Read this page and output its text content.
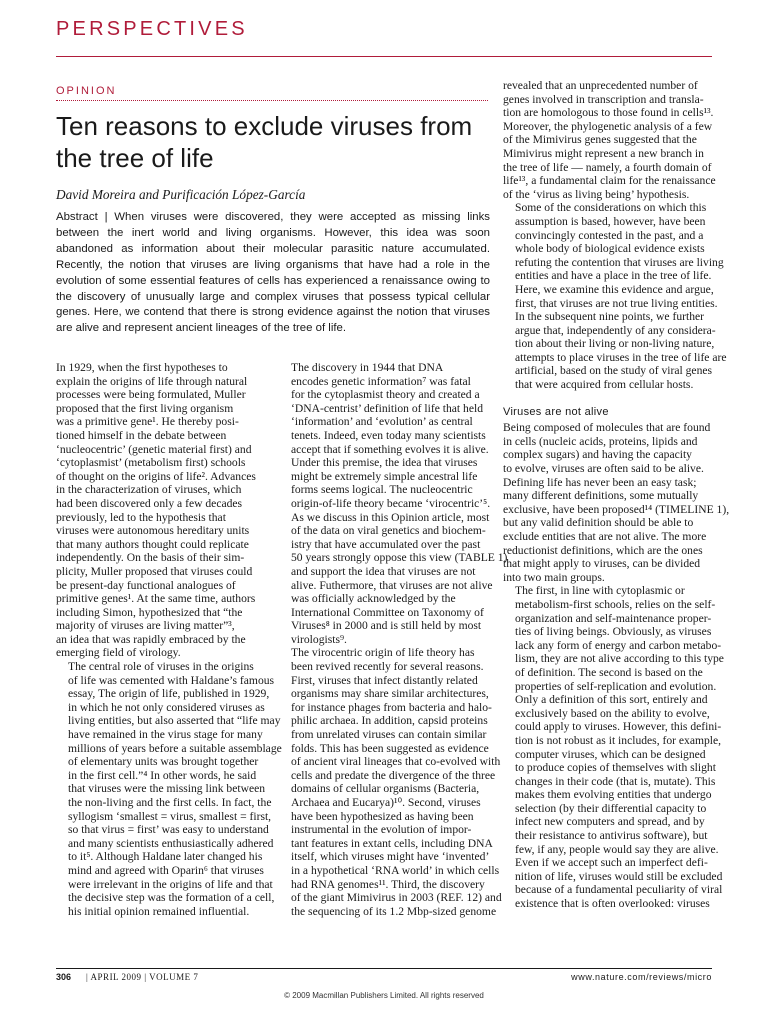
PERSPECTIVES
OPINION
Ten reasons to exclude viruses from the tree of life
David Moreira and Purificación López-García
Abstract | When viruses were discovered, they were accepted as missing links between the inert world and living organisms. However, this idea was soon abandoned as information about their molecular parasitic nature accumulated. Recently, the notion that viruses are living organisms that have had a role in the evolution of some essential features of cells has experienced a renaissance owing to the discovery of unusually large and complex viruses that possess typical cellular genes. Here, we contend that there is strong evidence against the notion that viruses are alive and represent ancient lineages of the tree of life.

In 1929, when the first hypotheses to
explain the origins of life through natural
processes were being formulated, Muller
proposed that the first living organism
was a primitive gene¹. He thereby posi-
tioned himself in the debate between
‘nucleocentric’ (genetic material first) and
‘cytoplasmist’ (metabolism first) schools
of thought on the origins of life². Advances
in the characterization of viruses, which
had been discovered only a few decades
previously, led to the hypothesis that
viruses were autonomous hereditary units
that many authors thought could replicate
independently. On the basis of their sim-
plicity, Muller proposed that viruses could
be present-day functional analogues of
primitive genes¹. At the same time, authors
including Simon, hypothesized that “the
majority of viruses are living matter”³,
an idea that was rapidly embraced by the
emerging field of virology.

The central role of viruses in the origins
of life was cemented with Haldane’s famous
essay, The origin of life, published in 1929,
in which he not only considered viruses as
living entities, but also asserted that “life may
have remained in the virus stage for many
millions of years before a suitable assemblage
of elementary units was brought together
in the first cell.”⁴ In other words, he said
that viruses were the missing link between
the non-living and the first cells. In fact, the
syllogism ‘smallest = virus, smallest = first,
so that virus = first’ was easy to understand
and many scientists enthusiastically adhered
to it⁵. Although Haldane later changed his
mind and agreed with Oparin⁶ that viruses
were irrelevant in the origins of life and that
the decisive step was the formation of a cell,
his initial opinion remained influential.

The discovery in 1944 that DNA
encodes genetic information⁷ was fatal
for the cytoplasmist theory and created a
‘DNA-centrist’ definition of life that held
‘information’ and ‘evolution’ as central
tenets. Indeed, even today many scientists
accept that if something evolves it is alive.
Under this premise, the idea that viruses
might be extremely simple ancestral life
forms seems logical. The nucleocentric
origin-of-life theory became ‘virocentric’⁵.
As we discuss in this Opinion article, most
of the data on viral genetics and biochem-
istry that have accumulated over the past
50 years strongly oppose this view (TABLE 1)
and support the idea that viruses are not
alive. Futhermore, that viruses are not alive
was officially acknowledged by the
International Committee on Taxonomy of
Viruses⁸ in 2000 and is still held by most
virologists⁹.

The virocentric origin of life theory has
been revived recently for several reasons.
First, viruses that infect distantly related
organisms may share similar architectures,
for instance phages from bacteria and halo-
philic archaea. In addition, capsid proteins
from unrelated viruses can contain similar
folds. This has been suggested as evidence
of ancient viral lineages that co-evolved with
cells and predate the divergence of the three
domains of cellular organisms (Bacteria,
Archaea and Eucarya)¹⁰. Second, viruses
have been hypothesized as having been
instrumental in the evolution of impor-
tant features in extant cells, including DNA
itself, which viruses might have ‘invented’
in a hypothetical ‘RNA world’ in which cells
had RNA genomes¹¹. Third, the discovery
of the giant Mimivirus in 2003 (REF. 12) and
the sequencing of its 1.2 Mbp-sized genome

revealed that an unprecedented number of
genes involved in transcription and transla-
tion are homologous to those found in cells¹³.
Moreover, the phylogenetic analysis of a few
of the Mimivirus genes suggested that the
Mimivirus might represent a new branch in
the tree of life — namely, a fourth domain of
life¹³, a fundamental claim for the renaissance
of the ‘virus as living being’ hypothesis.

Some of the considerations on which this
assumption is based, however, have been
convincingly contested in the past, and a
whole body of biological evidence exists
refuting the contention that viruses are living
entities and have a place in the tree of life.
Here, we examine this evidence and argue,
first, that viruses are not true living entities.
In the subsequent nine points, we further
argue that, independently of any considera-
tion about their living or non-living nature,
attempts to place viruses in the tree of life are
artificial, based on the study of viral genes
that were acquired from cellular hosts.

Viruses are not alive

Being composed of molecules that are found
in cells (nucleic acids, proteins, lipids and
complex sugars) and having the capacity
to evolve, viruses are often said to be alive.
Defining life has never been an easy task;
many different definitions, some mutually
exclusive, have been proposed¹⁴ (TIMELINE 1),
but any valid definition should be able to
exclude entities that are not alive. The more
reductionist definitions, which are the ones
that might apply to viruses, can be divided
into two main groups.

The first, in line with cytoplasmic or
metabolism-first schools, relies on the self-
organization and self-maintenance proper-
ties of living beings. Obviously, as viruses
lack any form of energy and carbon metabo-
lism, they are not alive according to this type
of definition. The second is based on the
properties of self-replication and evolution.
Only a definition of this sort, entirely and
exclusively based on the ability to evolve,
could apply to viruses. However, this defini-
tion is not robust as it includes, for example,
computer viruses, which can be designed
to produce copies of themselves with slight
changes in their code (that is, mutate). This
makes them evolving entities that undergo
selection (by their differential capacity to
infect new computers and spread, and by
their resistance to antivirus software), but
few, if any, people would say they are alive.

Even if we accept such an imperfect defi-
nition of life, viruses would still be excluded
because of a fundamental peculiarity of viral
existence that is often overlooked: viruses

306 | APRIL 2009 | VOLUME 7	www.nature.com/reviews/micro
© 2009 Macmillan Publishers Limited. All rights reserved
